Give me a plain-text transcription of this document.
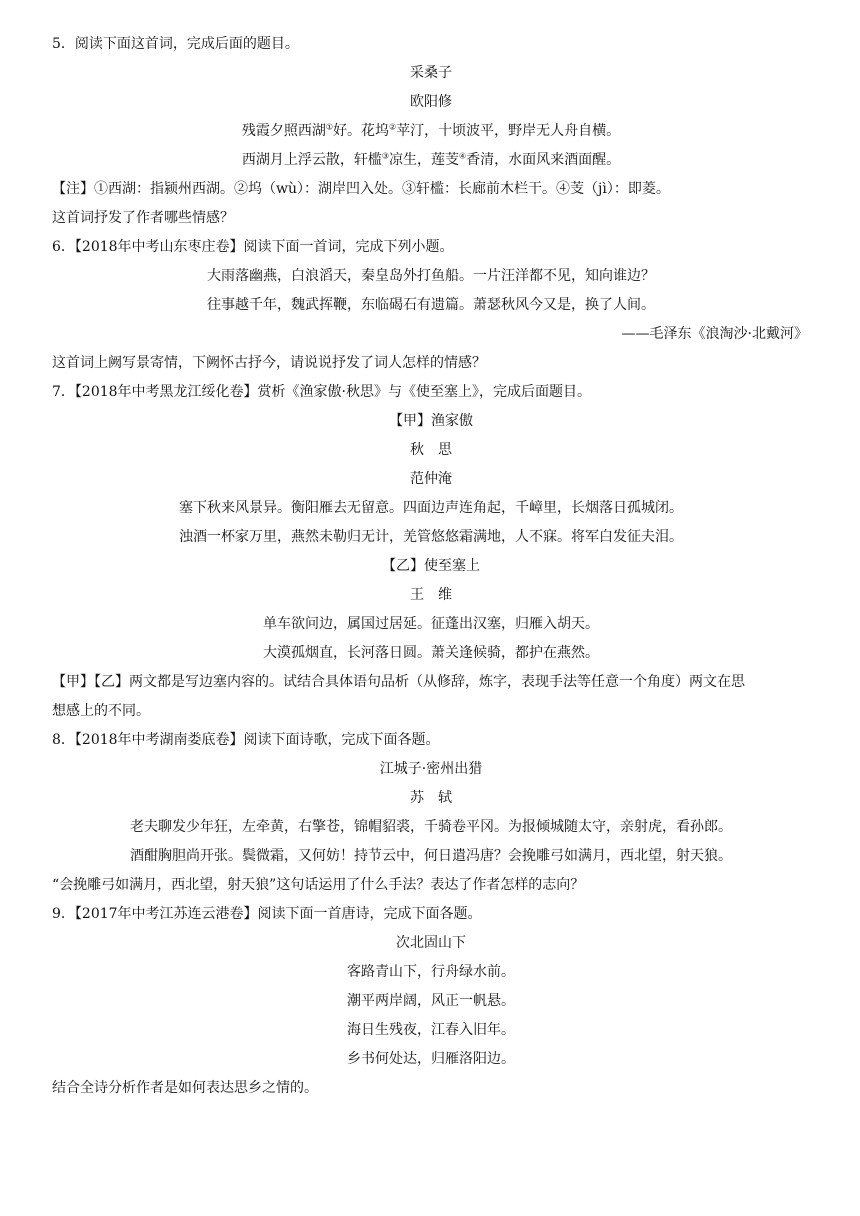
5．阅读下面这首词，完成后面的题目。
采桑子
欧阳修
残霞夕照西湖①好。花坞②苹汀，十顷波平，野岸无人舟自横。
西湖月上浮云散，轩槛③凉生，莲芰④香清，水面风来酒面醒。
【注】①西湖：指颍州西湖。②坞（wù）：湖岸凹入处。③轩槛：长廊前木栏干。④芰（jì）：即菱。
这首词抒发了作者哪些情感？
6．【2018年中考山东枣庄卷】阅读下面一首词，完成下列小题。
大雨落幽燕，白浪滔天，秦皇岛外打鱼船。一片汪洋都不见，知向谁边？
往事越千年，魏武挥鞭，东临碣石有遗篇。萧瑟秋风今又是，换了人间。
——毛泽东《浪淘沙·北戴河》
这首词上阙写景寄情，下阙怀古抒今，请说说抒发了词人怎样的情感？
7．【2018年中考黑龙江绥化卷】赏析《渔家傲·秋思》与《使至塞上》，完成后面题目。
【甲】渔家傲
秋　思
范仲淹
塞下秋来风景异。衡阳雁去无留意。四面边声连角起，千嶂里，长烟落日孤城闭。
浊酒一杯家万里，燕然未勒归无计，羌管悠悠霜满地，人不寐。将军白发征夫泪。
【乙】使至塞上
王　维
单车欲问边，属国过居延。征蓬出汉塞，归雁入胡天。
大漠孤烟直，长河落日圆。萧关逢候骑，都护在燕然。
【甲】【乙】两文都是写边塞内容的。试结合具体语句品析（从修辞，炼字，表现手法等任意一个角度）两文在思
想感上的不同。
8．【2018年中考湖南娄底卷】阅读下面诗歌，完成下面各题。
江城子·密州出猎
苏　轼
老夫聊发少年狂，左牵黄，右擎苍，锦帽貂裘，千骑卷平冈。为报倾城随太守，亲射虎，看孙郎。
酒酣胸胆尚开张。鬓微霜，又何妨！持节云中，何日遣冯唐？会挽雕弓如满月，西北望，射天狼。
“会挽雕弓如满月，西北望，射天狼”这句话运用了什么手法？表达了作者怎样的志向？
9．【2017年中考江苏连云港卷】阅读下面一首唐诗，完成下面各题。
次北固山下
客路青山下，行舟绿水前。
潮平两岸阔，风正一帆悬。
海日生残夜，江春入旧年。
乡书何处达，归雁洛阳边。
结合全诗分析作者是如何表达思乡之情的。
